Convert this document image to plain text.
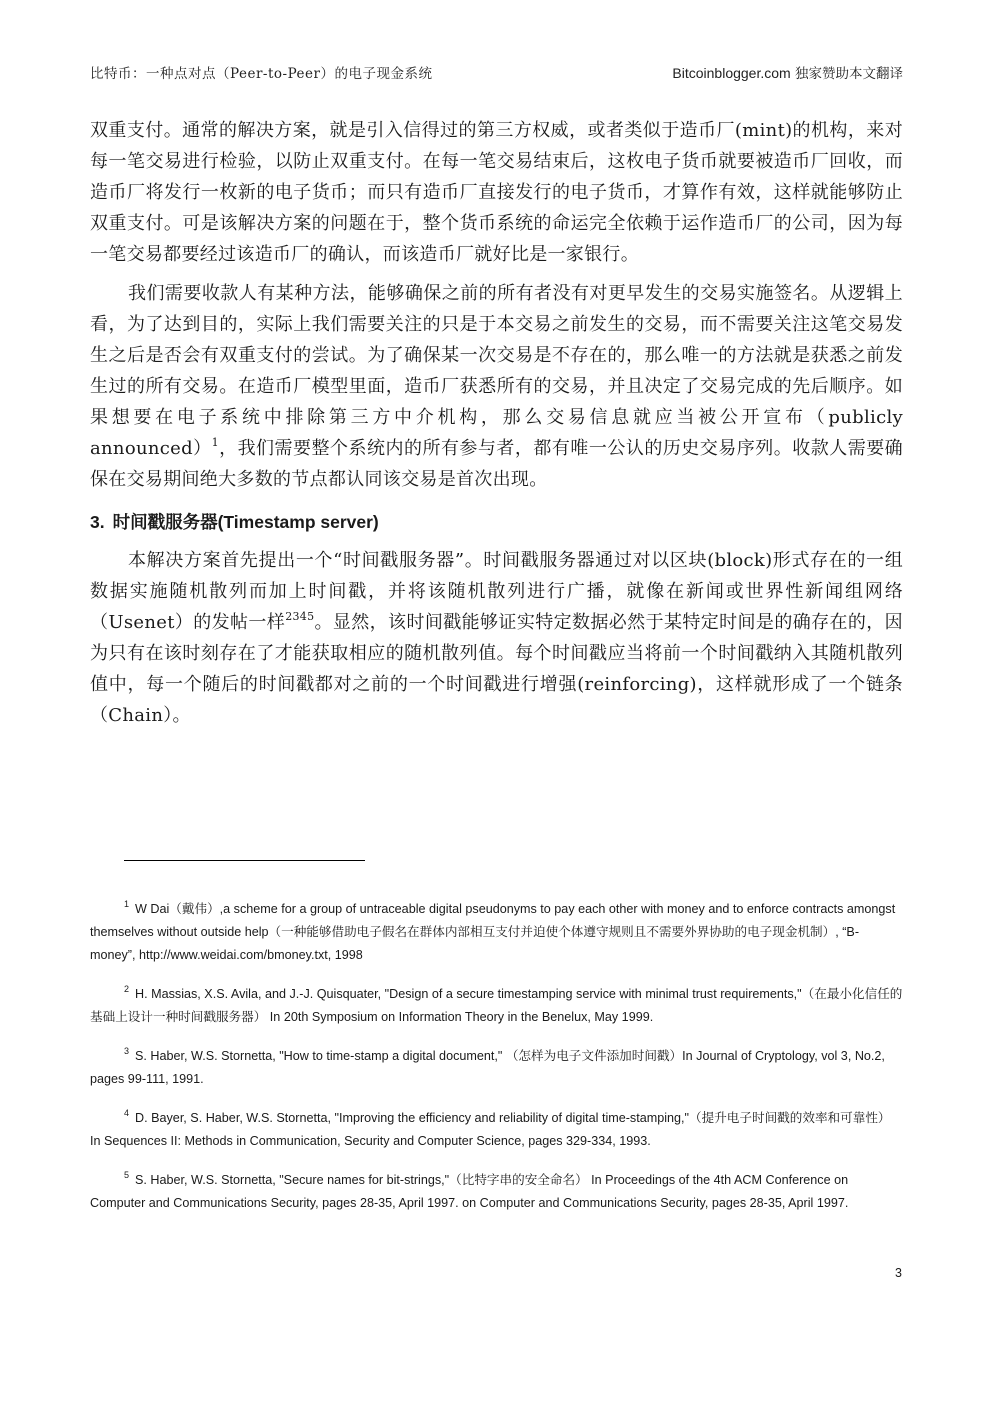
比特币：一种点对点（Peer-to-Peer）的电子现金系统	Bitcoinblogger.com 独家赞助本文翻译

双重支付。通常的解决方案，就是引入信得过的第三方权威，或者类似于造币厂(mint)的机构，来对每一笔交易进行检验，以防止双重支付。在每一笔交易结束后，这枚电子货币就要被造币厂回收，而造币厂将发行一枚新的电子货币；而只有造币厂直接发行的电子货币，才算作有效，这样就能够防止双重支付。可是该解决方案的问题在于，整个货币系统的命运完全依赖于运作造币厂的公司，因为每一笔交易都要经过该造币厂的确认，而该造币厂就好比是一家银行。

我们需要收款人有某种方法，能够确保之前的所有者没有对更早发生的交易实施签名。从逻辑上看，为了达到目的，实际上我们需要关注的只是于本交易之前发生的交易，而不需要关注这笔交易发生之后是否会有双重支付的尝试。为了确保某一次交易是不存在的，那么唯一的方法就是获悉之前发生过的所有交易。在造币厂模型里面，造币厂获悉所有的交易，并且决定了交易完成的先后顺序。如果想要在电子系统中排除第三方中介机构，那么交易信息就应当被公开宣布（publicly announced）$^1$，我们需要整个系统内的所有参与者，都有唯一公认的历史交易序列。收款人需要确保在交易期间绝大多数的节点都认同该交易是首次出现。

3. 时间戳服务器(Timestamp server)

本解决方案首先提出一个“时间戳服务器”。时间戳服务器通过对以区块(block)形式存在的一组数据实施随机散列而加上时间戳，并将该随机散列进行广播，就像在新闻或世界性新闻组网络（Usenet）的发帖一样$^{2345}$。显然，该时间戳能够证实特定数据必然于某特定时间是的确存在的，因为只有在该时刻存在了才能获取相应的随机散列值。每个时间戳应当将前一个时间戳纳入其随机散列值中，每一个随后的时间戳都对之前的一个时间戳进行增强(reinforcing)，这样就形成了一个链条（Chain）。

$^1$ W Dai（戴伟）,a scheme for a group of untraceable digital pseudonyms to pay each other with money and to enforce contracts amongst themselves without outside help（一种能够借助电子假名在群体内部相互支付并迫使个体遵守规则且不需要外界协助的电子现金机制）, “B-money”, http://www.weidai.com/bmoney.txt, 1998

$^2$ H. Massias, X.S. Avila, and J.-J. Quisquater, "Design of a secure timestamping service with minimal trust requirements,"（在最小化信任的基础上设计一种时间戳服务器） In 20th Symposium on Information Theory in the Benelux, May 1999.

$^3$ S. Haber, W.S. Stornetta, "How to time-stamp a digital document," （怎样为电子文件添加时间戳）In Journal of Cryptology, vol 3, No.2, pages 99-111, 1991.

$^4$ D. Bayer, S. Haber, W.S. Stornetta, "Improving the efficiency and reliability of digital time-stamping,"（提升电子时间戳的效率和可靠性） In Sequences II: Methods in Communication, Security and Computer Science, pages 329-334, 1993.

$^5$ S. Haber, W.S. Stornetta, "Secure names for bit-strings,"（比特字串的安全命名） In Proceedings of the 4th ACM Conference on Computer and Communications Security, pages 28-35, April 1997. on Computer and Communications Security, pages 28-35, April 1997.

3
